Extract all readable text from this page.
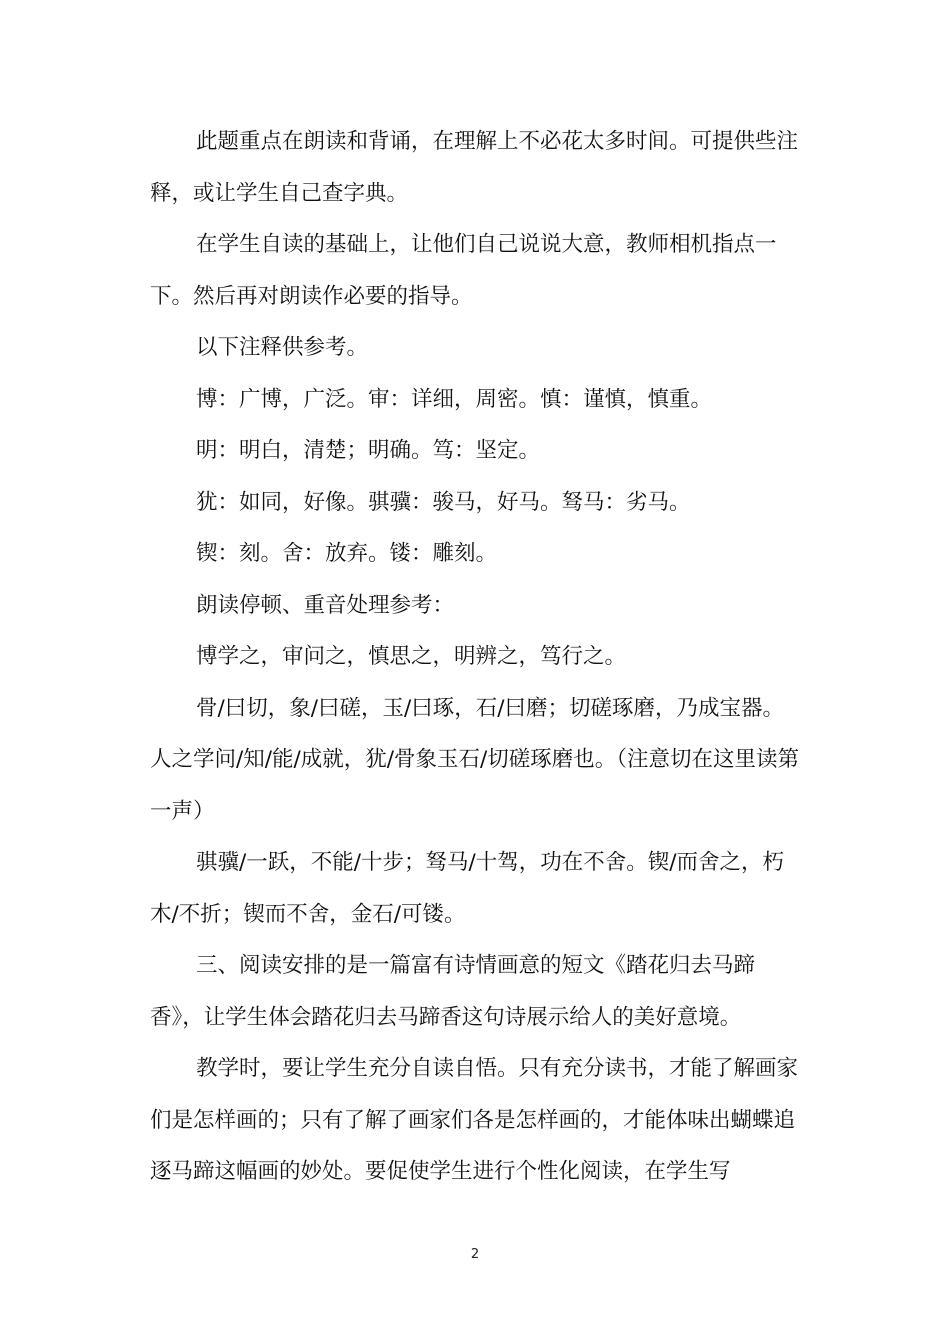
此题重点在朗读和背诵，在理解上不必花太多时间。可提供些注释，或让学生自己查字典。

在学生自读的基础上，让他们自己说说大意，教师相机指点一下。然后再对朗读作必要的指导。

以下注释供参考。

博：广博，广泛。审：详细，周密。慎：谨慎，慎重。

明：明白，清楚；明确。笃：坚定。

犹：如同，好像。骐骥：骏马，好马。驽马：劣马。

锲：刻。舍：放弃。镂：雕刻。

朗读停顿、重音处理参考：

博学之，审问之，慎思之，明辨之，笃行之。

骨/曰切，象/曰磋，玉/曰琢，石/曰磨；切磋琢磨，乃成宝器。人之学问/知/能/成就，犹/骨象玉石/切磋琢磨也。（注意切在这里读第一声）

骐骥/一跃，不能/十步；驽马/十驾，功在不舍。锲/而舍之，朽木/不折；锲而不舍，金石/可镂。

三、阅读安排的是一篇富有诗情画意的短文《踏花归去马蹄香》，让学生体会踏花归去马蹄香这句诗展示给人的美好意境。

教学时，要让学生充分自读自悟。只有充分读书，才能了解画家们是怎样画的；只有了解了画家们各是怎样画的，才能体味出蝴蝶追逐马蹄这幅画的妙处。要促使学生进行个性化阅读，在学生写

2
